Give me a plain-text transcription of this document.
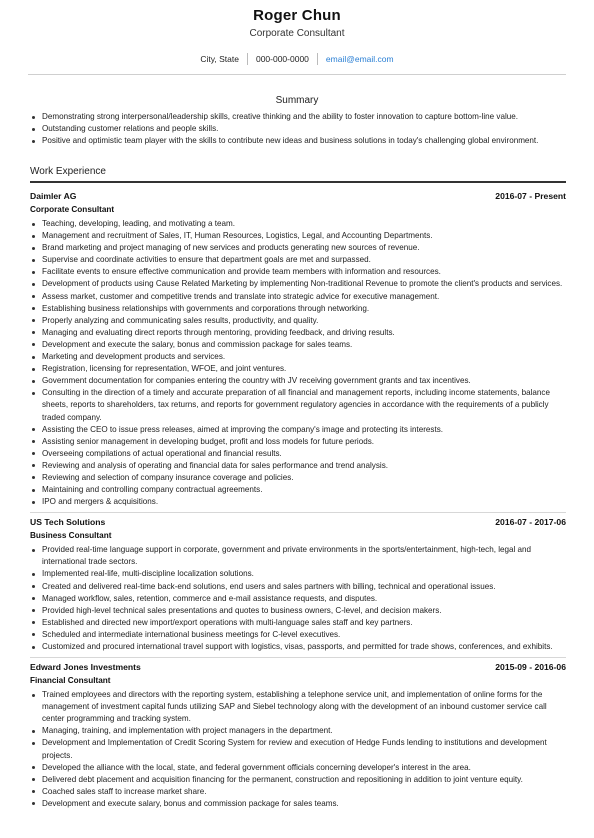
Roger Chun
Corporate Consultant
City, State 000-000-0000 email@email.com
Summary
Demonstrating strong interpersonal/leadership skills, creative thinking and the ability to foster innovation to capture bottom-line value.
Outstanding customer relations and people skills.
Positive and optimistic team player with the skills to contribute new ideas and business solutions in today's challenging global environment.
Work Experience
Daimler AG	2016-07 - Present
Corporate Consultant
Teaching, developing, leading, and motivating a team.
Management and recruitment of Sales, IT, Human Resources, Logistics, Legal, and Accounting Departments.
Brand marketing and project managing of new services and products generating new sources of revenue.
Supervise and coordinate activities to ensure that department goals are met and surpassed.
Facilitate events to ensure effective communication and provide team members with information and resources.
Development of products using Cause Related Marketing by implementing Non-traditional Revenue to promote the client's products and services.
Assess market, customer and competitive trends and translate into strategic advice for executive management.
Establishing business relationships with governments and corporations through networking.
Properly analyzing and communicating sales results, productivity, and quality.
Managing and evaluating direct reports through mentoring, providing feedback, and driving results.
Development and execute the salary, bonus and commission package for sales teams.
Marketing and development products and services.
Registration, licensing for representation, WFOE, and joint ventures.
Government documentation for companies entering the country with JV receiving government grants and tax incentives.
Consulting in the direction of a timely and accurate preparation of all financial and management reports, including income statements, balance sheets, reports to shareholders, tax returns, and reports for government regulatory agencies in accordance with the requirements of a publicly traded company.
Assisting the CEO to issue press releases, aimed at improving the company's image and protecting its interests.
Assisting senior management in developing budget, profit and loss models for future periods.
Overseeing compilations of actual operational and financial results.
Reviewing and analysis of operating and financial data for sales performance and trend analysis.
Reviewing and selection of company insurance coverage and policies.
Maintaining and controlling company contractual agreements.
IPO and mergers & acquisitions.
US Tech Solutions	2016-07 - 2017-06
Business Consultant
Provided real-time language support in corporate, government and private environments in the sports/entertainment, high-tech, legal and international trade sectors.
Implemented real-life, multi-discipline localization solutions.
Created and delivered real-time back-end solutions, end users and sales partners with billing, technical and operational issues.
Managed workflow, sales, retention, commerce and e-mail assistance requests, and disputes.
Provided high-level technical sales presentations and quotes to business owners, C-level, and decision makers.
Established and directed new import/export operations with multi-language sales staff and key partners.
Scheduled and intermediate international business meetings for C-level executives.
Customized and procured international travel support with logistics, visas, passports, and permitted for trade shows, conferences, and exhibits.
Edward Jones Investments	2015-09 - 2016-06
Financial Consultant
Trained employees and directors with the reporting system, establishing a telephone service unit, and implementation of online forms for the management of investment capital funds utilizing SAP and Siebel technology along with the development of an inbound customer service call center programming and tracking system.
Managing, training, and implementation with project managers in the department.
Development and Implementation of Credit Scoring System for review and execution of Hedge Funds lending to institutions and development projects.
Developed the alliance with the local, state, and federal government officials concerning developer's interest in the area.
Delivered debt placement and acquisition financing for the permanent, construction and repositioning in addition to joint venture equity.
Coached sales staff to increase market share.
Development and execute salary, bonus and commission package for sales teams.
